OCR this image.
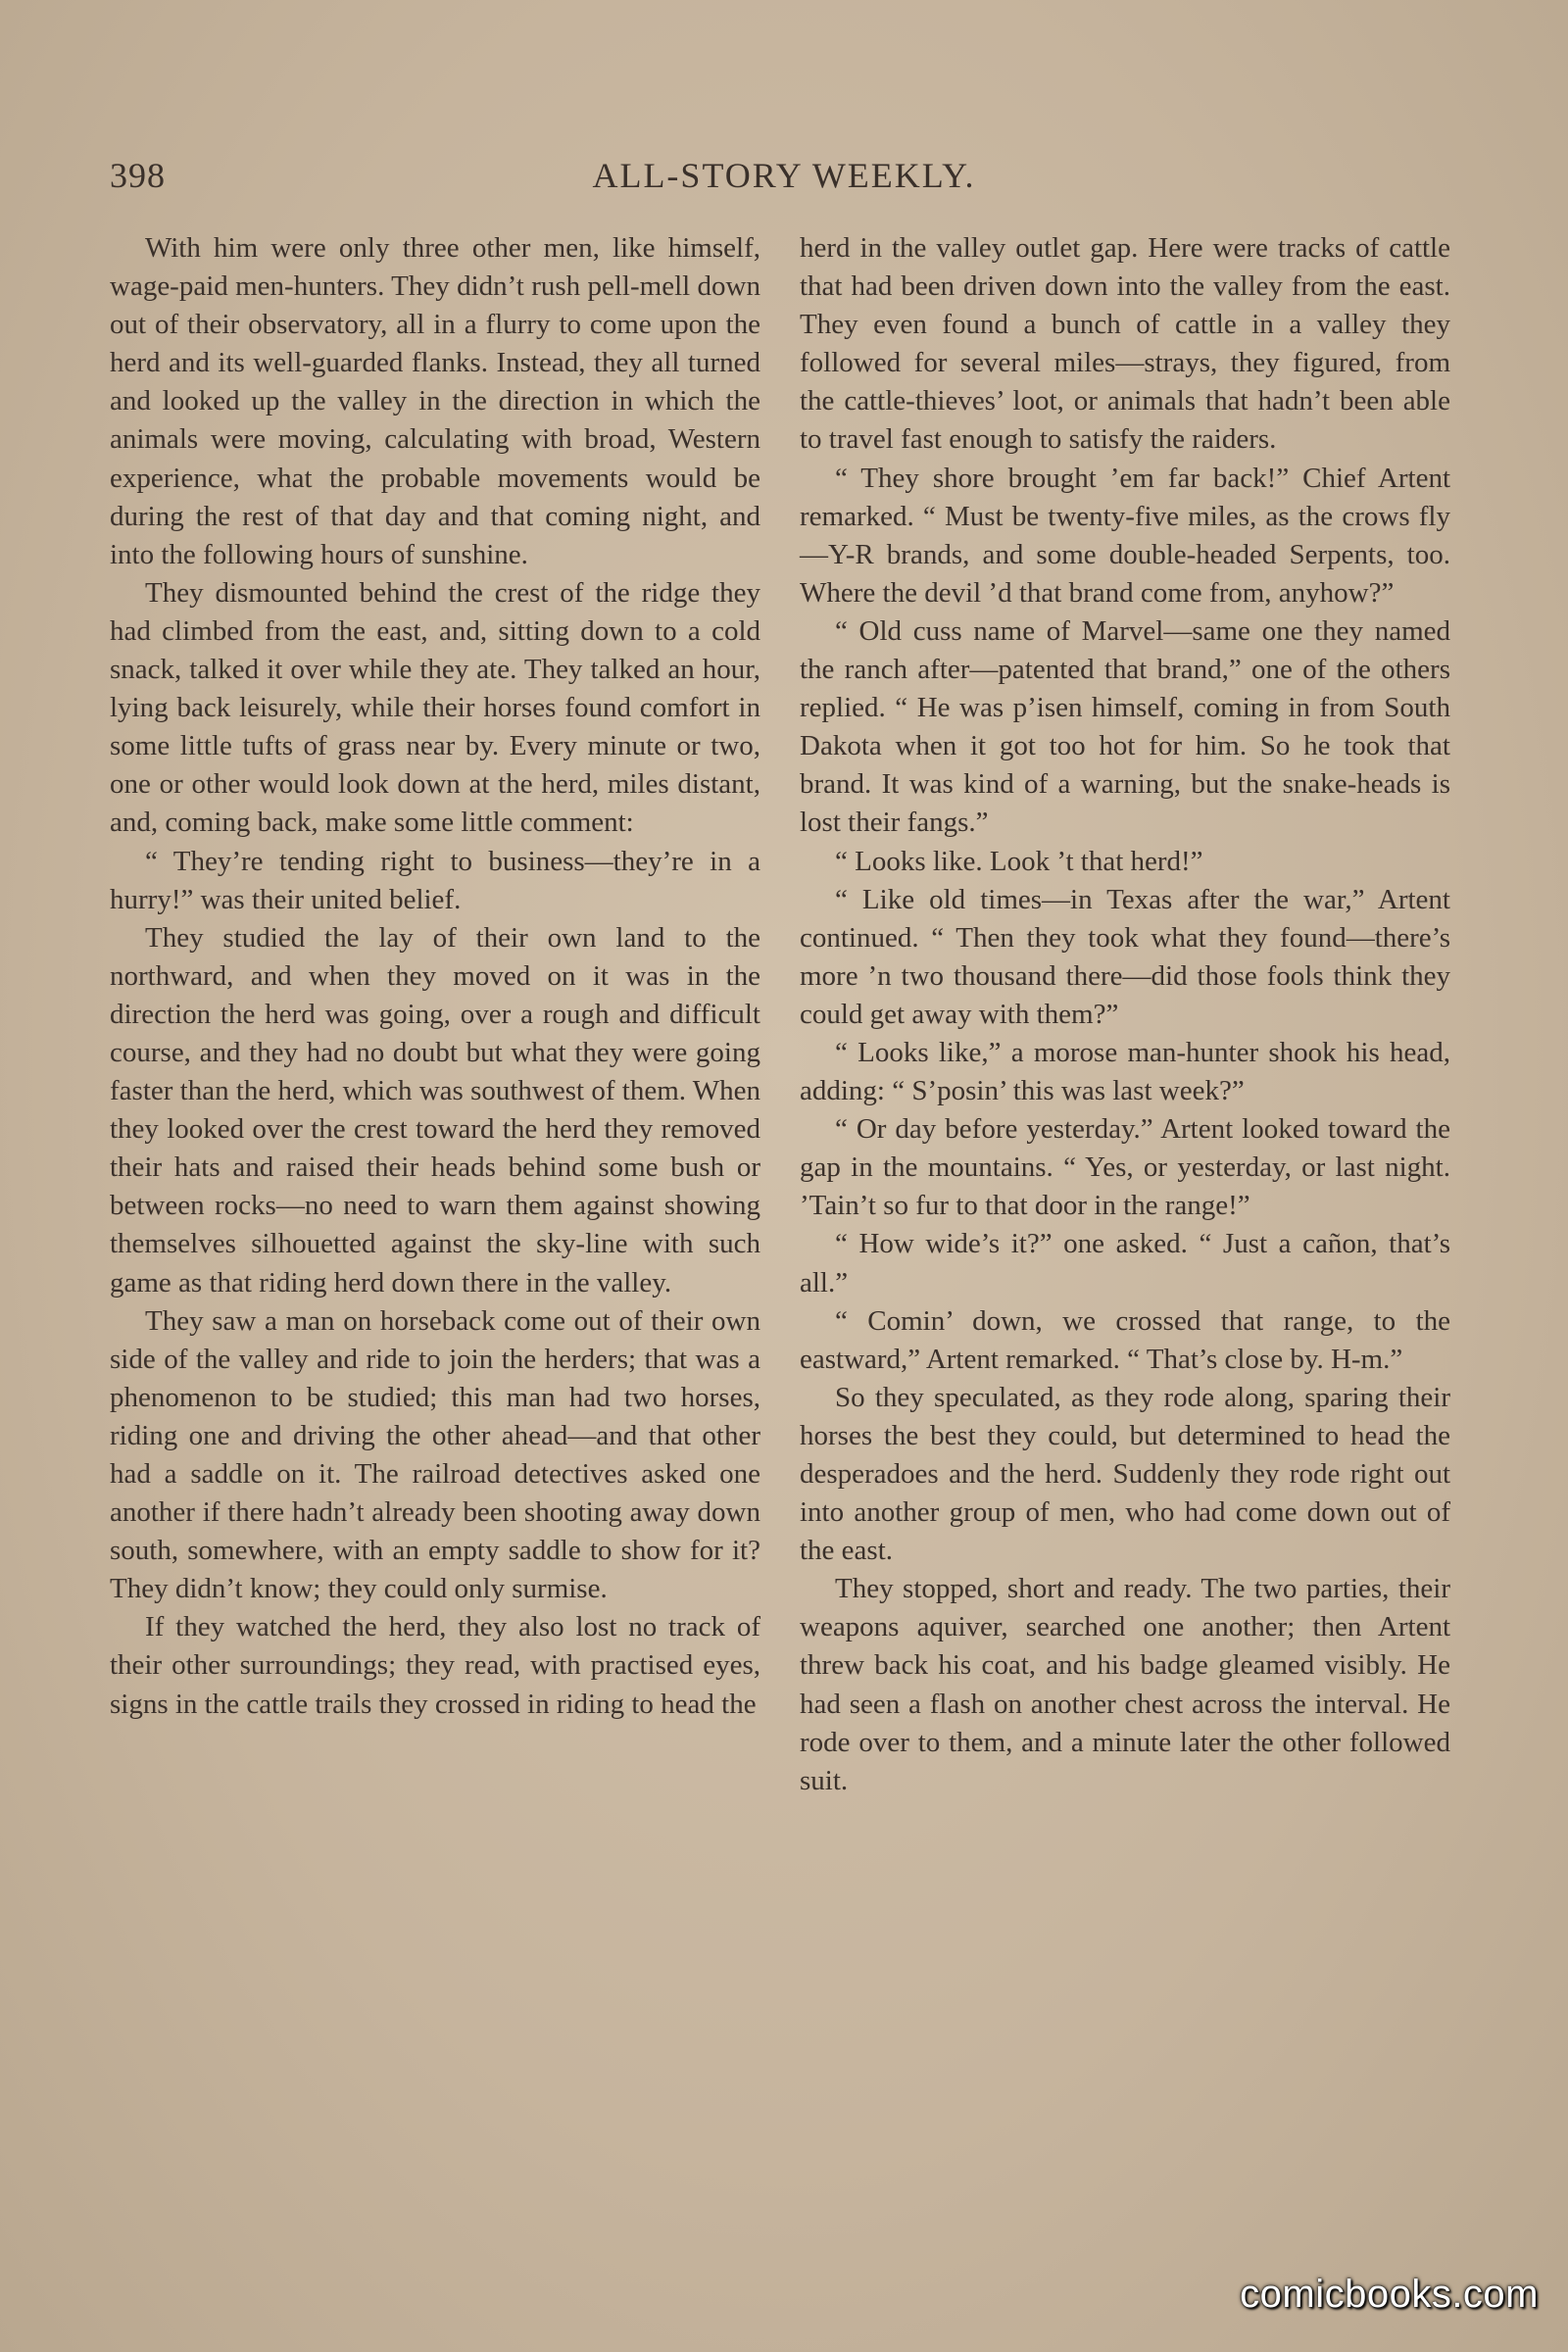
398	ALL-STORY WEEKLY.

With him were only three other men, like himself, wage-paid men-hunters. They didn’t rush pell-mell down out of their observatory, all in a flurry to come upon the herd and its well-guarded flanks. Instead, they all turned and looked up the valley in the direction in which the animals were moving, calculating with broad, Western experience, what the probable movements would be during the rest of that day and that coming night, and into the following hours of sunshine.

They dismounted behind the crest of the ridge they had climbed from the east, and, sitting down to a cold snack, talked it over while they ate. They talked an hour, lying back leisurely, while their horses found comfort in some little tufts of grass near by. Every minute or two, one or other would look down at the herd, miles distant, and, coming back, make some little comment:

“ They’re tending right to business—they’re in a hurry!” was their united belief.

They studied the lay of their own land to the northward, and when they moved on it was in the direction the herd was going, over a rough and difficult course, and they had no doubt but what they were going faster than the herd, which was southwest of them. When they looked over the crest toward the herd they removed their hats and raised their heads behind some bush or between rocks—no need to warn them against showing themselves silhouetted against the sky-line with such game as that riding herd down there in the valley.

They saw a man on horseback come out of their own side of the valley and ride to join the herders; that was a phenomenon to be studied; this man had two horses, riding one and driving the other ahead—and that other had a saddle on it. The railroad detectives asked one another if there hadn’t already been shooting away down south, somewhere, with an empty saddle to show for it? They didn’t know; they could only surmise.

If they watched the herd, they also lost no track of their other surroundings; they read, with practised eyes, signs in the cattle trails they crossed in riding to head the

herd in the valley outlet gap. Here were tracks of cattle that had been driven down into the valley from the east. They even found a bunch of cattle in a valley they followed for several miles—strays, they figured, from the cattle-thieves’ loot, or animals that hadn’t been able to travel fast enough to satisfy the raiders.

“ They shore brought ’em far back!” Chief Artent remarked. “ Must be twenty-five miles, as the crows fly—Y-R brands, and some double-headed Serpents, too. Where the devil ’d that brand come from, anyhow?”

“ Old cuss name of Marvel—same one they named the ranch after—patented that brand,” one of the others replied. “ He was p’isen himself, coming in from South Dakota when it got too hot for him. So he took that brand. It was kind of a warning, but the snake-heads is lost their fangs.”

“ Looks like. Look ’t that herd!”

“ Like old times—in Texas after the war,” Artent continued. “ Then they took what they found—there’s more ’n two thousand there—did those fools think they could get away with them?”

“ Looks like,” a morose man-hunter shook his head, adding: “ S’posin’ this was last week?”

“ Or day before yesterday.” Artent looked toward the gap in the mountains. “ Yes, or yesterday, or last night. ’Tain’t so fur to that door in the range!”

“ How wide’s it?” one asked. “ Just a cañon, that’s all.”

“ Comin’ down, we crossed that range, to the eastward,” Artent remarked. “ That’s close by. H-m.”

So they speculated, as they rode along, sparing their horses the best they could, but determined to head the desperadoes and the herd. Suddenly they rode right out into another group of men, who had come down out of the east.

They stopped, short and ready. The two parties, their weapons aquiver, searched one another; then Artent threw back his coat, and his badge gleamed visibly. He had seen a flash on another chest across the interval. He rode over to them, and a minute later the other followed suit.

comicbooks.com
